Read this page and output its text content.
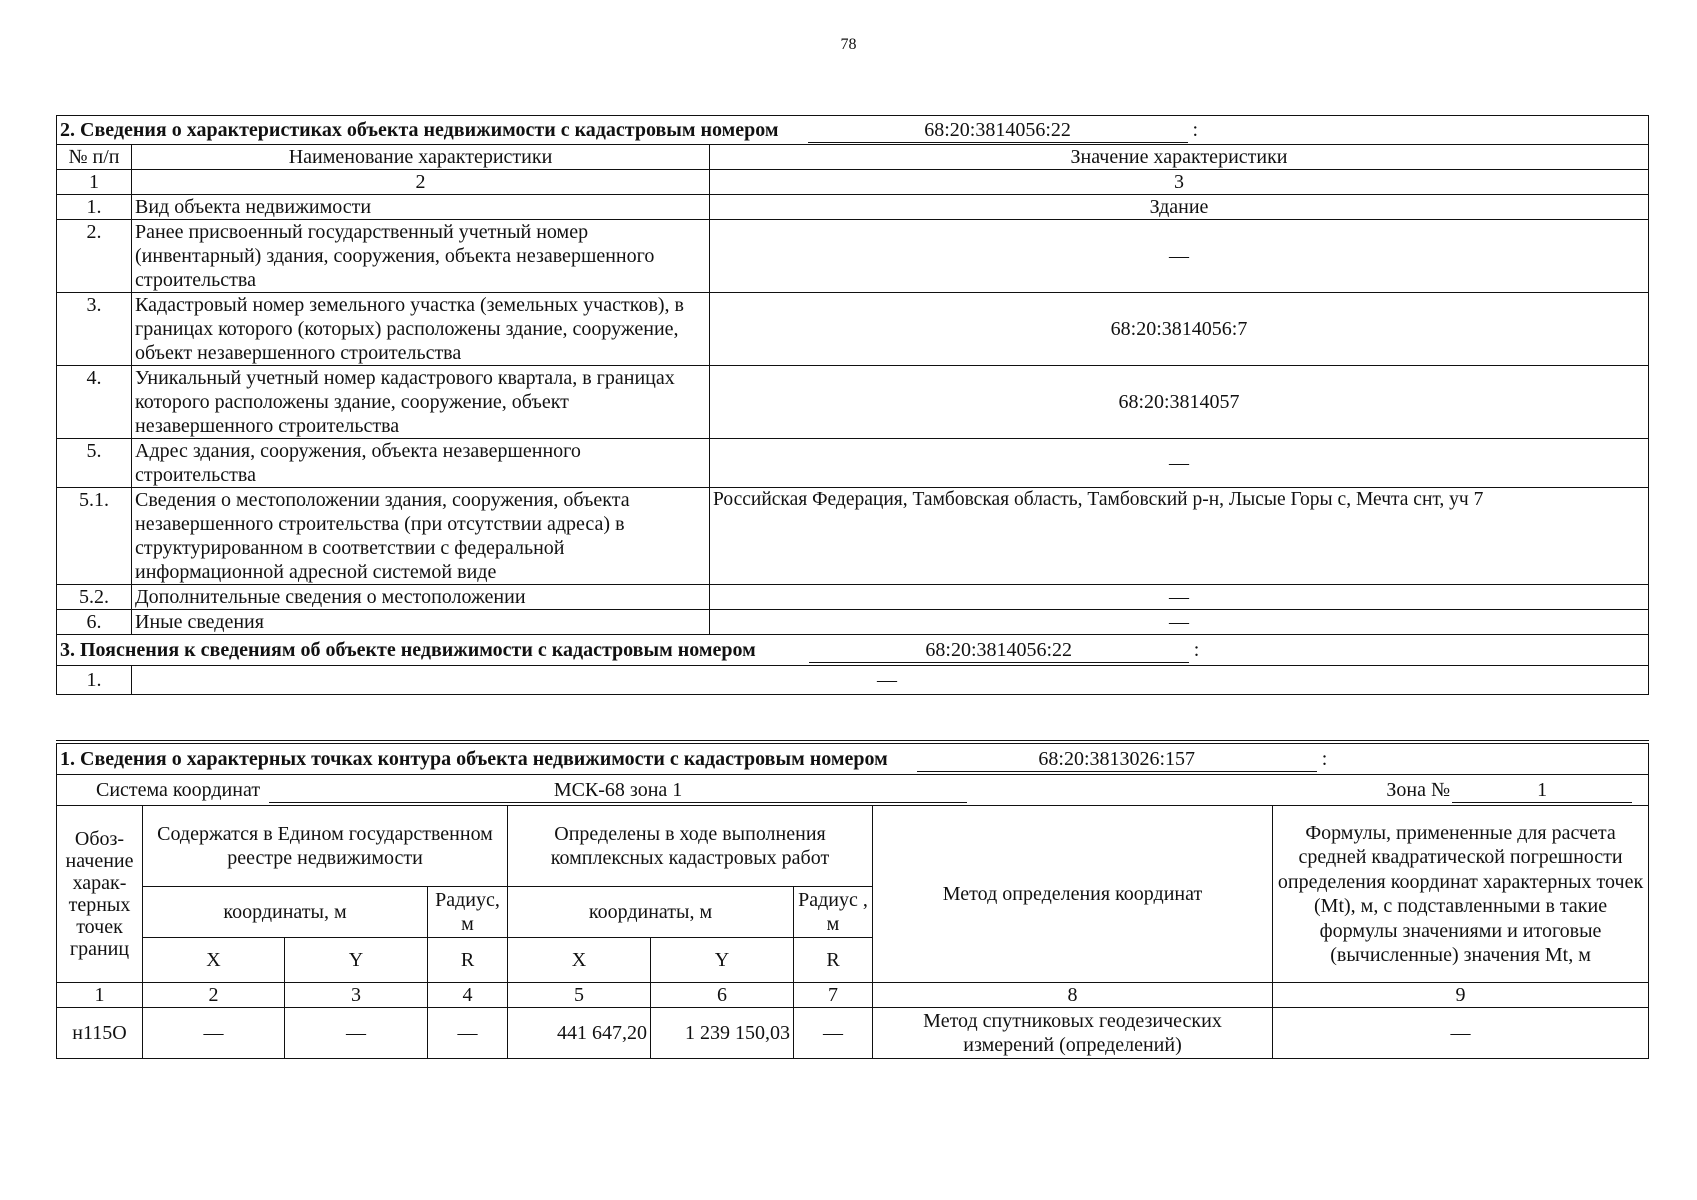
78
2. Сведения о характеристиках объекта недвижимости с кадастровым номером 68:20:3814056:22 :		
№ п/п	Наименование характеристики	Значение характеристики
1	2	3
1.	Вид объекта недвижимости	Здание
2.	Ранее присвоенный государственный учетный номер (инвентарный) здания, сооружения, объекта незавершенного строительства	—
3.	Кадастровый номер земельного участка (земельных участков), в границах которого (которых) расположены здание, сооружение, объект незавершенного строительства	68:20:3814056:7
4.	Уникальный учетный номер кадастрового квартала, в границах которого расположены здание, сооружение, объект незавершенного строительства	68:20:3814057
5.	Адрес здания, сооружения, объекта незавершенного строительства	—
5.1.	Сведения о местоположении здания, сооружения, объекта незавершенного строительства (при отсутствии адреса) в структурированном в соответствии с федеральной информационной адресной системой виде	Российская Федерация, Тамбовская область, Тамбовский р-н, Лысые Горы с, Мечта снт, уч 7
5.2.	Дополнительные сведения о местоположении	—
6.	Иные сведения	—
3. Пояснения к сведениям об объекте недвижимости с кадастровым номером 68:20:3814056:22 :		
1.	—	
1. Сведения о характерных точках контура объекта недвижимости с кадастровым номером 68:20:3813026:157 :								
Система координат МСК-68 зона 1 Зона № 1								

Обоз-начение харак-терных точек границ	Содержатся в Едином государственном реестре недвижимости			Определены в ходе выполнения комплексных кадастровых работ			Метод определения координат	Формулы, примененные для расчета средней квадратической погрешности определения координат характерных точек (Mt), м, с подставленными в такие формулы значениями и итоговые (вычисленные) значения Mt, м
	координаты, м		Радиус, м	координаты, м		Радиус , м		
	X	Y	R	X	Y	R		
1	2	3	4	5	6	7	8	9
н115О	—	—	—	441 647,20	1 239 150,03	—	Метод спутниковых геодезических измерений (определений)	—
